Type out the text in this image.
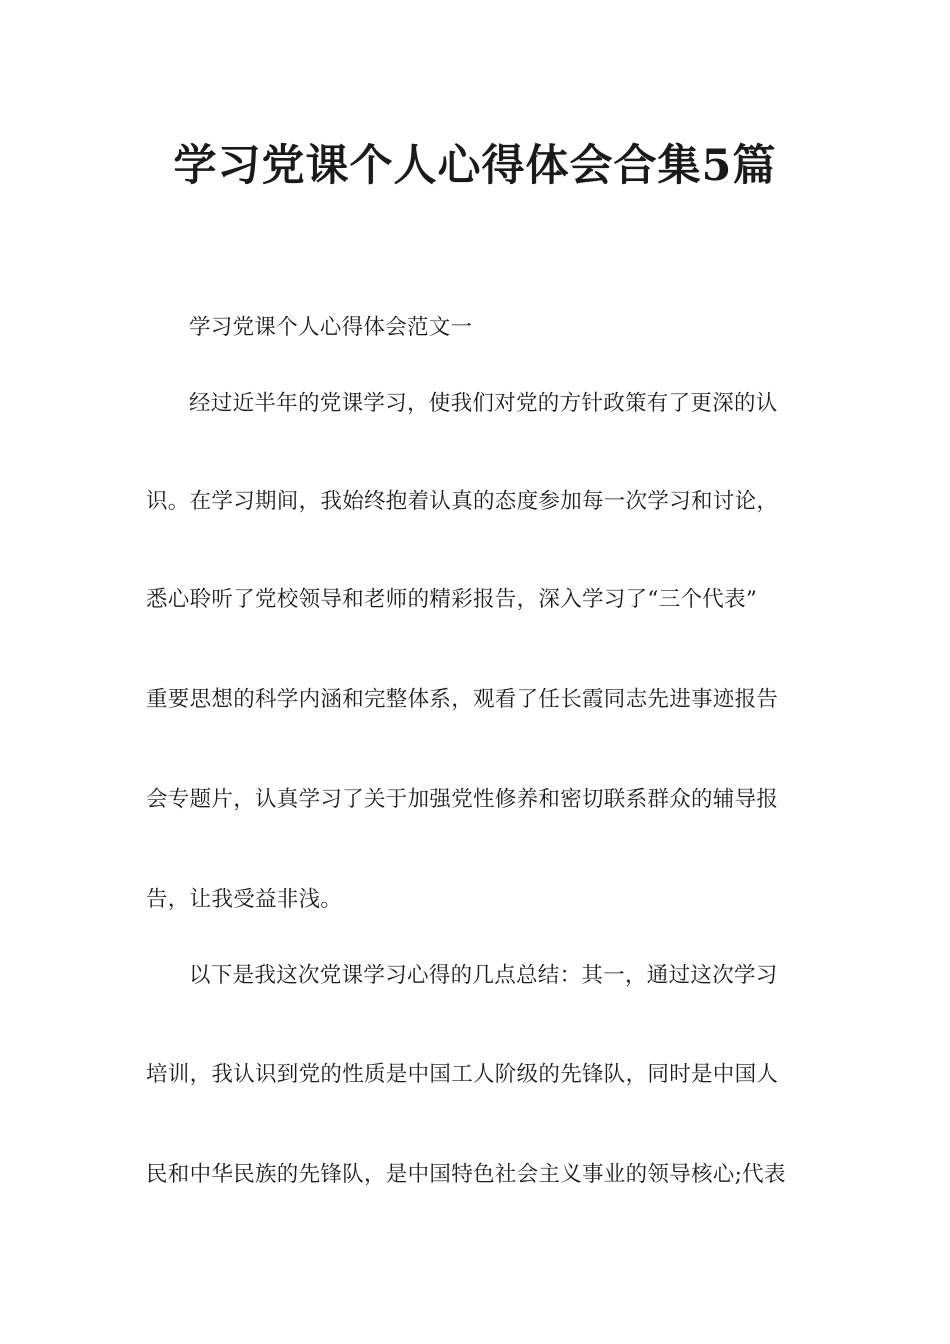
学习党课个人心得体会合集5篇
学习党课个人心得体会范文一
经过近半年的党课学习，使我们对党的方针政策有了更深的认
识。在学习期间，我始终抱着认真的态度参加每一次学习和讨论，
悉心聆听了党校领导和老师的精彩报告，深入学习了“三个代表”
重要思想的科学内涵和完整体系，观看了任长霞同志先进事迹报告
会专题片，认真学习了关于加强党性修养和密切联系群众的辅导报
告，让我受益非浅。
以下是我这次党课学习心得的几点总结：其一，通过这次学习
培训，我认识到党的性质是中国工人阶级的先锋队，同时是中国人
民和中华民族的先锋队，是中国特色社会主义事业的领导核心;代表
